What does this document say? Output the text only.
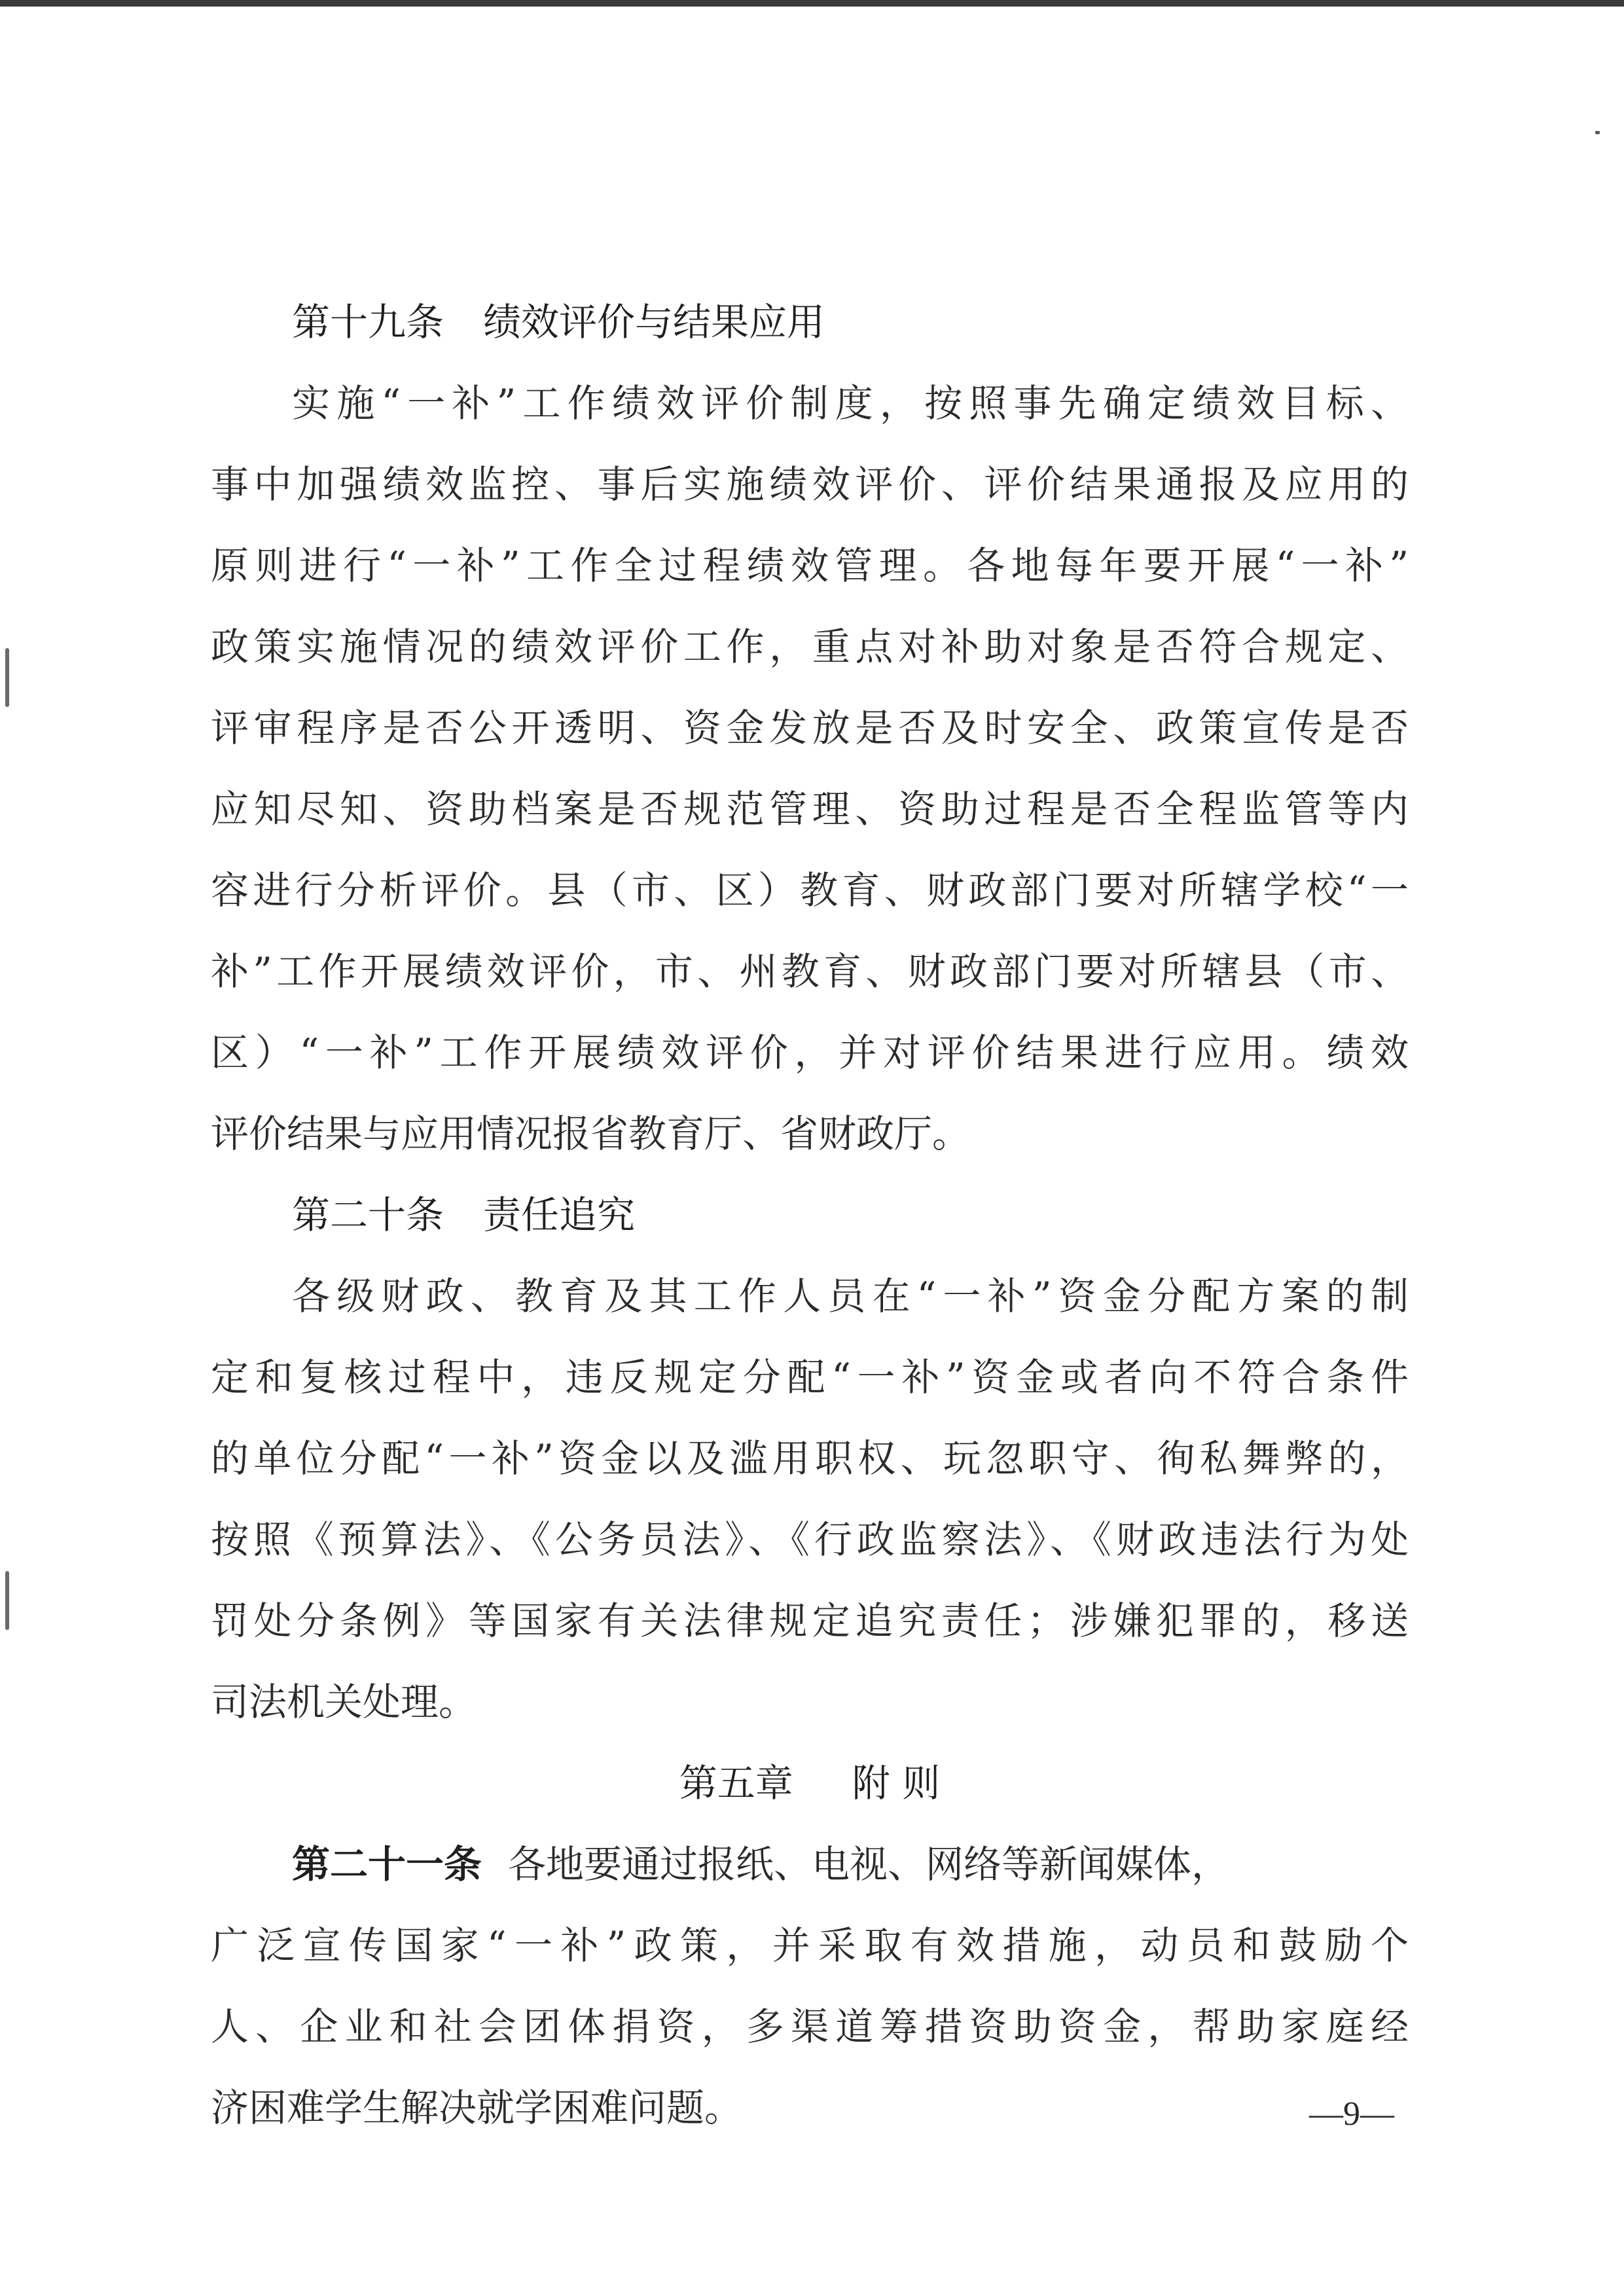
第十九条 绩效评价与结果应用
实施“一补”工作绩效评价制度，按照事先确定绩效目标、
事中加强绩效监控、事后实施绩效评价、评价结果通报及应用的
原则进行“一补”工作全过程绩效管理。各地每年要开展“一补”
政策实施情况的绩效评价工作，重点对补助对象是否符合规定、
评审程序是否公开透明、资金发放是否及时安全、政策宣传是否
应知尽知、资助档案是否规范管理、资助过程是否全程监管等内
容进行分析评价。县（市、区）教育、财政部门要对所辖学校“一
补”工作开展绩效评价，市、州教育、财政部门要对所辖县（市、
区）“一补”工作开展绩效评价，并对评价结果进行应用。绩效
评价结果与应用情况报省教育厅、省财政厅。
第二十条 责任追究
各级财政、教育及其工作人员在“一补”资金分配方案的制
定和复核过程中，违反规定分配“一补”资金或者向不符合条件
的单位分配“一补”资金以及滥用职权、玩忽职守、徇私舞弊的，
按照《预算法》、《公务员法》、《行政监察法》、《财政违法行为处
罚处分条例》等国家有关法律规定追究责任；涉嫌犯罪的，移送
司法机关处理。
第五章 附 则
第二十一条 各地要通过报纸、电视、网络等新闻媒体，
广泛宣传国家“一补”政策，并采取有效措施，动员和鼓励个
人、企业和社会团体捐资，多渠道筹措资助资金，帮助家庭经
济困难学生解决就学困难问题。	—9—
